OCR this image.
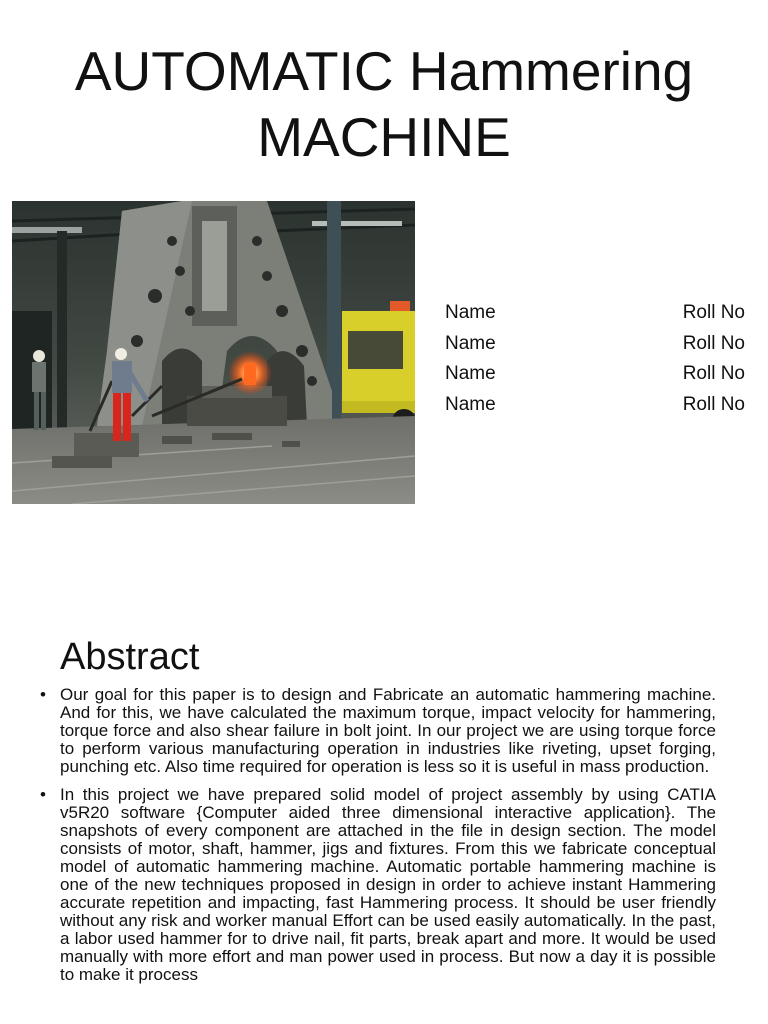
AUTOMATIC Hammering
MACHINE
Name	Roll No
Name	Roll No
Name	Roll No
Name	Roll No
Abstract
• Our goal for this paper is to design and Fabricate an automatic hammering machine. And for this, we have calculated the maximum torque, impact velocity for hammering, torque force and also shear failure in bolt joint. In our project we are using torque force to perform various manufacturing operation in industries like riveting, upset forging, punching etc. Also time required for operation is less so it is useful in mass production.
• In this project we have prepared solid model of project assembly by using CATIA v5R20 software {Computer aided three dimensional interactive application}. The snapshots of every component are attached in the file in design section. The model consists of motor, shaft, hammer, jigs and fixtures. From this we fabricate conceptual model of automatic hammering machine. Automatic portable hammering machine is one of the new techniques proposed in design in order to achieve instant Hammering accurate repetition and impacting, fast Hammering process. It should be user friendly without any risk and worker manual Effort can be used easily automatically. In the past, a labor used hammer for to drive nail, fit parts, break apart and more. It would be used manually with more effort and man power used in process. But now a day it is possible to make it process
